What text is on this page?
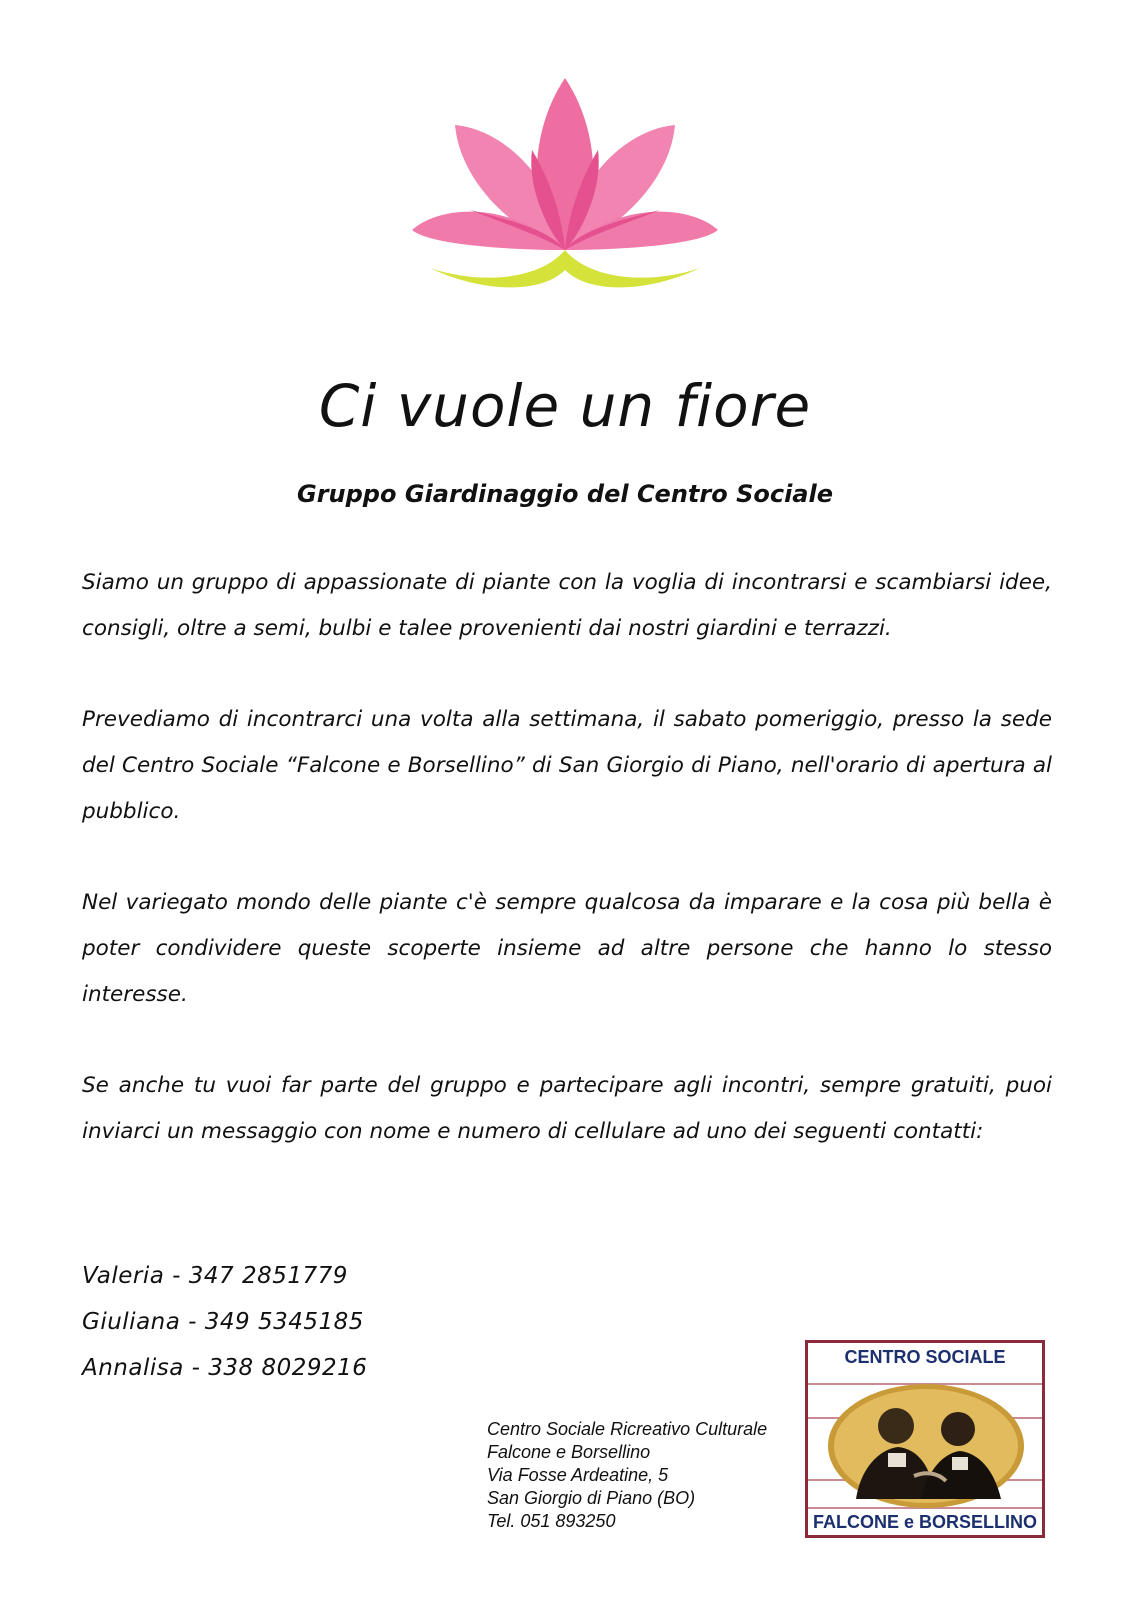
Ci vuole un fiore
Gruppo Giardinaggio del Centro Sociale

Siamo un gruppo di appassionate di piante con la voglia di incontrarsi e scambiarsi idee, consigli, oltre a semi, bulbi e talee provenienti dai nostri giardini e terrazzi.

Prevediamo di incontrarci una volta alla settimana, il sabato pomeriggio, presso la sede del Centro Sociale “Falcone e Borsellino” di San Giorgio di Piano, nell'orario di apertura al pubblico.

Nel variegato mondo delle piante c'è sempre qualcosa da imparare e la cosa più bella è poter condividere queste scoperte insieme ad altre persone che hanno lo stesso interesse.

Se anche tu vuoi far parte del gruppo e partecipare agli incontri, sempre gratuiti, puoi inviarci un messaggio con nome e numero di cellulare ad uno dei seguenti contatti:

Valeria - 347 2851779
Giuliana - 349 5345185
Annalisa - 338 8029216
Centro Sociale Ricreativo Culturale
Falcone e Borsellino
Via Fosse Ardeatine, 5
San Giorgio di Piano (BO)
Tel. 051 893250
CENTRO SOCIALE
FALCONE e BORSELLINO
